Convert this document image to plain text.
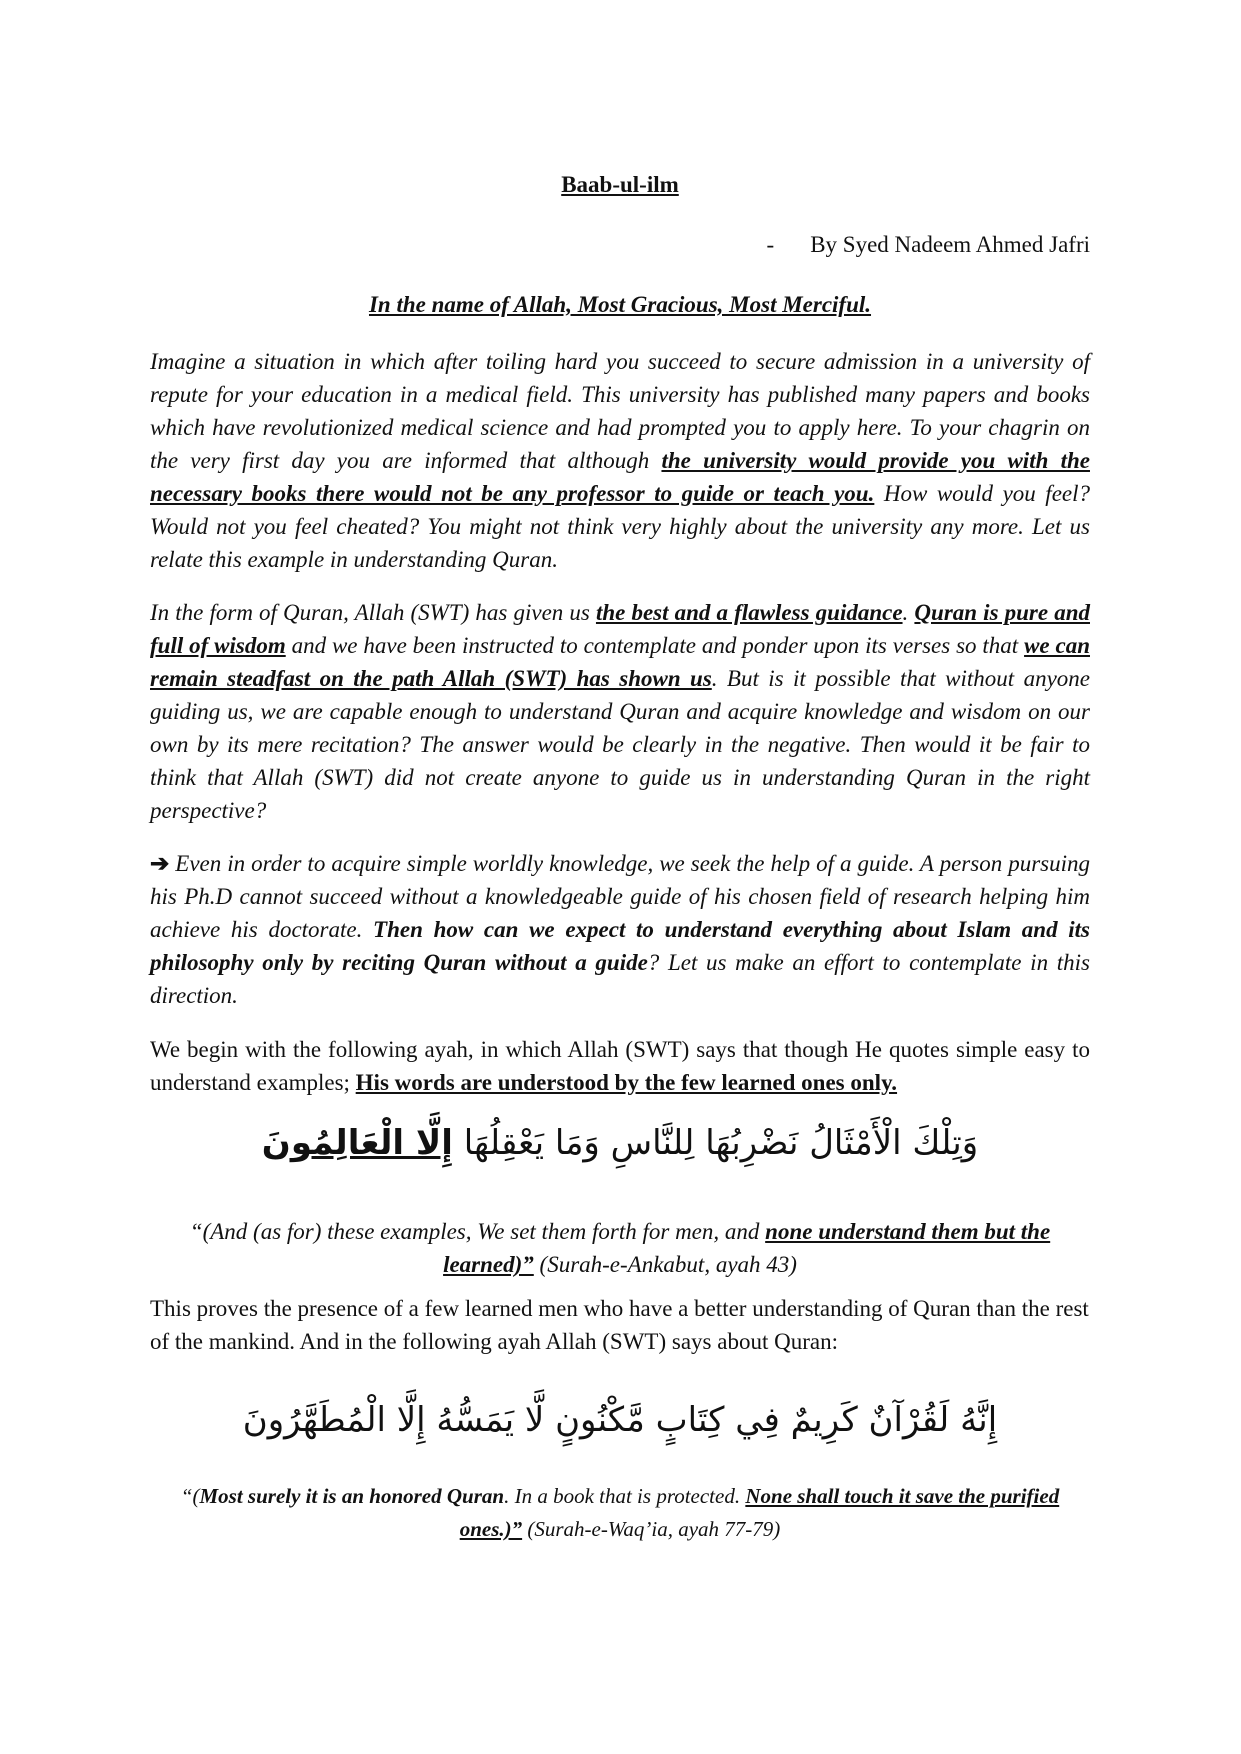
Baab-ul-ilm
- By Syed Nadeem Ahmed Jafri
In the name of Allah, Most Gracious, Most Merciful.
Imagine a situation in which after toiling hard you succeed to secure admission in a university of repute for your education in a medical field. This university has published many papers and books which have revolutionized medical science and had prompted you to apply here. To your chagrin on the very first day you are informed that although the university would provide you with the necessary books there would not be any professor to guide or teach you. How would you feel? Would not you feel cheated? You might not think very highly about the university any more. Let us relate this example in understanding Quran.
In the form of Quran, Allah (SWT) has given us the best and a flawless guidance. Quran is pure and full of wisdom and we have been instructed to contemplate and ponder upon its verses so that we can remain steadfast on the path Allah (SWT) has shown us. But is it possible that without anyone guiding us, we are capable enough to understand Quran and acquire knowledge and wisdom on our own by its mere recitation? The answer would be clearly in the negative. Then would it be fair to think that Allah (SWT) did not create anyone to guide us in understanding Quran in the right perspective?
➔ Even in order to acquire simple worldly knowledge, we seek the help of a guide. A person pursuing his Ph.D cannot succeed without a knowledgeable guide of his chosen field of research helping him achieve his doctorate. Then how can we expect to understand everything about Islam and its philosophy only by reciting Quran without a guide? Let us make an effort to contemplate in this direction.
We begin with the following ayah, in which Allah (SWT) says that though He quotes simple easy to understand examples; His words are understood by the few learned ones only.
وَتِلْكَ الْأَمْثَالُ نَضْرِبُهَا لِلنَّاسِ وَمَا يَعْقِلُهَا إِلَّا الْعَالِمُونَ
“(And (as for) these examples, We set them forth for men, and none understand them but the learned)” (Surah-e-Ankabut, ayah 43)
This proves the presence of a few learned men who have a better understanding of Quran than the rest of the mankind. And in the following ayah Allah (SWT) says about Quran:
إِنَّهُ لَقُرْآنٌ كَرِيمٌ فِي كِتَابٍ مَّكْنُونٍ لَّا يَمَسُّهُ إِلَّا الْمُطَهَّرُونَ
“(Most surely it is an honored Quran. In a book that is protected. None shall touch it save the purified ones.)” (Surah-e-Waq’ia, ayah 77-79)
